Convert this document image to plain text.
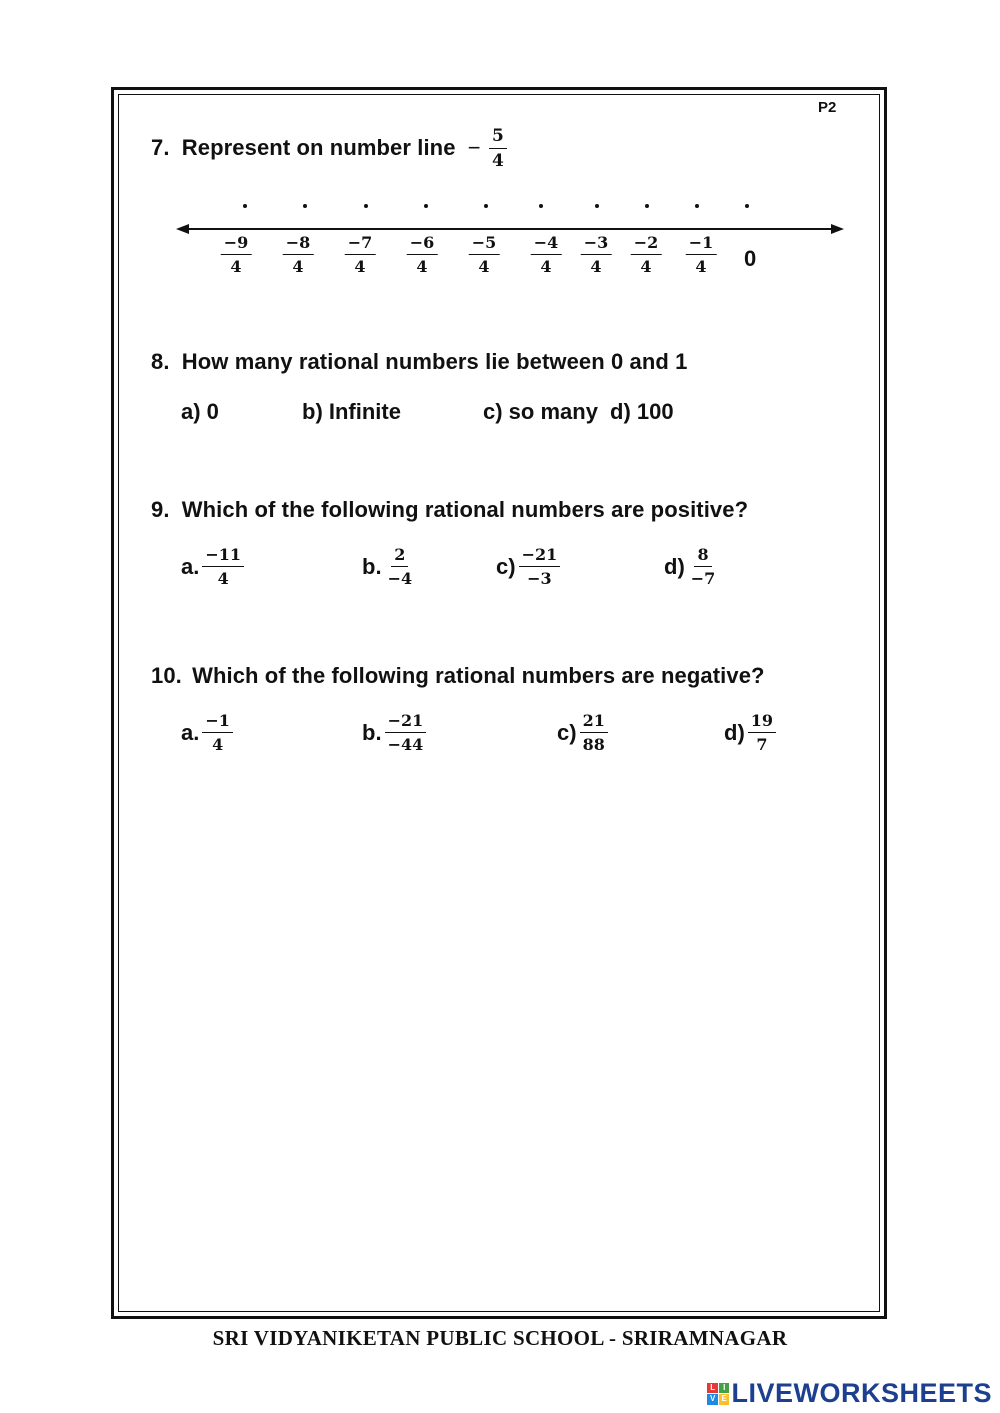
P2
7. Represent on number line − $\frac{5}{4}$
$\frac{-9}{4} \frac{-8}{4} \frac{-7}{4} \frac{-6}{4} \frac{-5}{4} \frac{-4}{4} \frac{-3}{4} \frac{-2}{4} \frac{-1}{4} 0$
8. How many rational numbers lie between 0 and 1
a) 0	b) Infinite	c) so many d) 100
9. Which of the following rational numbers are positive?
a. $\frac{-11}{4}$	b. $\frac{2}{-4}$	$c) \frac{-21}{-3}$	$d) \frac{8}{-7}$
10. Which of the following rational numbers are negative?
a. $\frac{-1}{4}$	b. $\frac{-21}{-44}$	$c) \frac{21}{88}$	$d) \frac{19}{7}$
SRI VIDYANIKETAN PUBLIC SCHOOL - SRIRAMNAGAR
L I
V E LIVEWORKSHEETS
